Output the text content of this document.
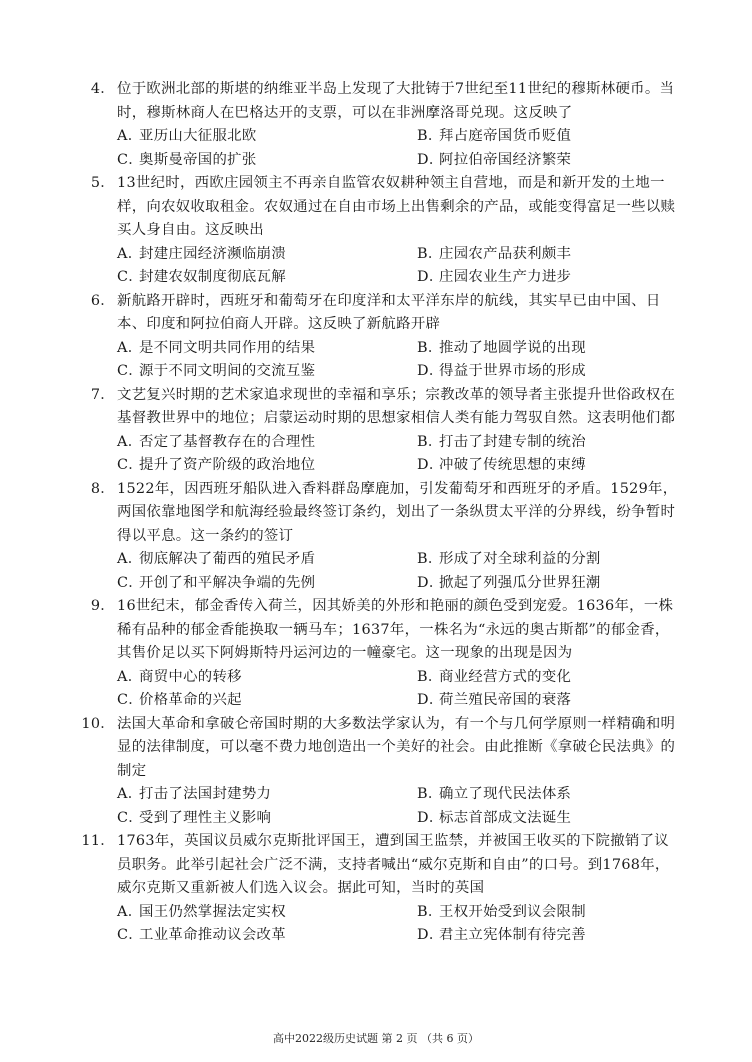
4． 位于欧洲北部的斯堪的纳维亚半岛上发现了大批铸于7世纪至11世纪的穆斯林硬币。当时，穆斯林商人在巴格达开的支票，可以在非洲摩洛哥兑现。这反映了
A．亚历山大征服北欧	B．拜占庭帝国货币贬值
C．奥斯曼帝国的扩张	D．阿拉伯帝国经济繁荣
5． 13世纪时，西欧庄园领主不再亲自监管农奴耕种领主自营地，而是和新开发的土地一样，向农奴收取租金。农奴通过在自由市场上出售剩余的产品，或能变得富足一些以赎买人身自由。这反映出
A．封建庄园经济濒临崩溃	B．庄园农产品获利颇丰
C．封建农奴制度彻底瓦解	D．庄园农业生产力进步
6． 新航路开辟时，西班牙和葡萄牙在印度洋和太平洋东岸的航线，其实早已由中国、日本、印度和阿拉伯商人开辟。这反映了新航路开辟
A．是不同文明共同作用的结果	B．推动了地圆学说的出现
C．源于不同文明间的交流互鉴	D．得益于世界市场的形成
7． 文艺复兴时期的艺术家追求现世的幸福和享乐；宗教改革的领导者主张提升世俗政权在基督教世界中的地位；启蒙运动时期的思想家相信人类有能力驾驭自然。这表明他们都
A．否定了基督教存在的合理性	B．打击了封建专制的统治
C．提升了资产阶级的政治地位	D．冲破了传统思想的束缚
8． 1522年，因西班牙船队进入香料群岛摩鹿加，引发葡萄牙和西班牙的矛盾。1529年，两国依靠地图学和航海经验最终签订条约，划出了一条纵贯太平洋的分界线，纷争暂时得以平息。这一条约的签订
A．彻底解决了葡西的殖民矛盾	B．形成了对全球利益的分割
C．开创了和平解决争端的先例	D．掀起了列强瓜分世界狂潮
9． 16世纪末，郁金香传入荷兰，因其娇美的外形和艳丽的颜色受到宠爱。1636年，一株稀有品种的郁金香能换取一辆马车；1637年，一株名为“永远的奥古斯都”的郁金香，其售价足以买下阿姆斯特丹运河边的一幢豪宅。这一现象的出现是因为
A．商贸中心的转移	B．商业经营方式的变化
C．价格革命的兴起	D．荷兰殖民帝国的衰落
10． 法国大革命和拿破仑帝国时期的大多数法学家认为，有一个与几何学原则一样精确和明显的法律制度，可以毫不费力地创造出一个美好的社会。由此推断《拿破仑民法典》的制定
A．打击了法国封建势力	B．确立了现代民法体系
C．受到了理性主义影响	D．标志首部成文法诞生
11． 1763年，英国议员威尔克斯批评国王，遭到国王监禁，并被国王收买的下院撤销了议员职务。此举引起社会广泛不满，支持者喊出“威尔克斯和自由”的口号。到1768年，威尔克斯又重新被人们选入议会。据此可知，当时的英国
A．国王仍然掌握法定实权	B．王权开始受到议会限制
C．工业革命推动议会改革	D．君主立宪体制有待完善
高中2022级历史试题 第 2 页 （共 6 页）
